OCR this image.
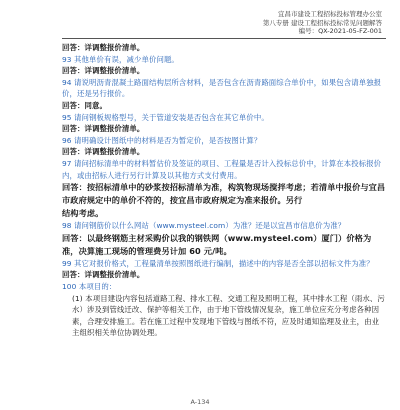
宜昌市建设工程招标投标管理办公室
第八专册 建设工程招标投标常见问题解答
编号：QX-2021-05-FZ-001

回答：详调整报价清单。

93 其他单价有误，减少单价问题。

回答：详调整报价清单。

94 请说明沥青混凝土路面结构层所含材料，是否包含在沥青路面综合单价中，如果包含请单独报价，还是另行报价。

回答：同意。

95 请问钢板规格型号，关于管道安装是否包含在其它单价中。

回答：详调整报价清单。

96 请明确设计图纸中的材料是否为暂定价，是否按图计算？

回答：详调整报价清单。

97 请问招标清单中的材料暂估价及签证的项目、工程量是否计入投标总价中，计算在本投标报价内，或由招标人进行另行计算及以其他方式支付费用。

回答：按招标清单中的砂浆按招标清单为准，构筑物现场搅拌考虑；若清单中报价与宜昌市政府规定中的单价不符的，按宜昌市政府规定为准来报价。另行

结构考虑。

98 请问钢筋价以什么网站（www.mysteel.com）为准？还是以宜昌市信息价为准？

回答：以最终钢筋主材采购价以我的钢铁网（www.mysteel.com）厦门）价格为准，决算施工现场的管理费另计加 60 元/吨。

99 其它对报价格式，工程量清单按照图纸进行编制，描述中的内容是否全部以招标文件为准？

回答：详调整报价清单。

100 本项目的：

(1) 本项目建设内容包括道路工程、排水工程、交通工程及照明工程，其中排水工程（雨水、污水）涉及到管线迁改、保护等相关工作，由于地下管线情况复杂，施工单位应充分考虑各种因素，合理安排施工。若在施工过程中发现地下管线与图纸不符，应及时通知监理及业主，由业主组织相关单位协调处理。

A-134
